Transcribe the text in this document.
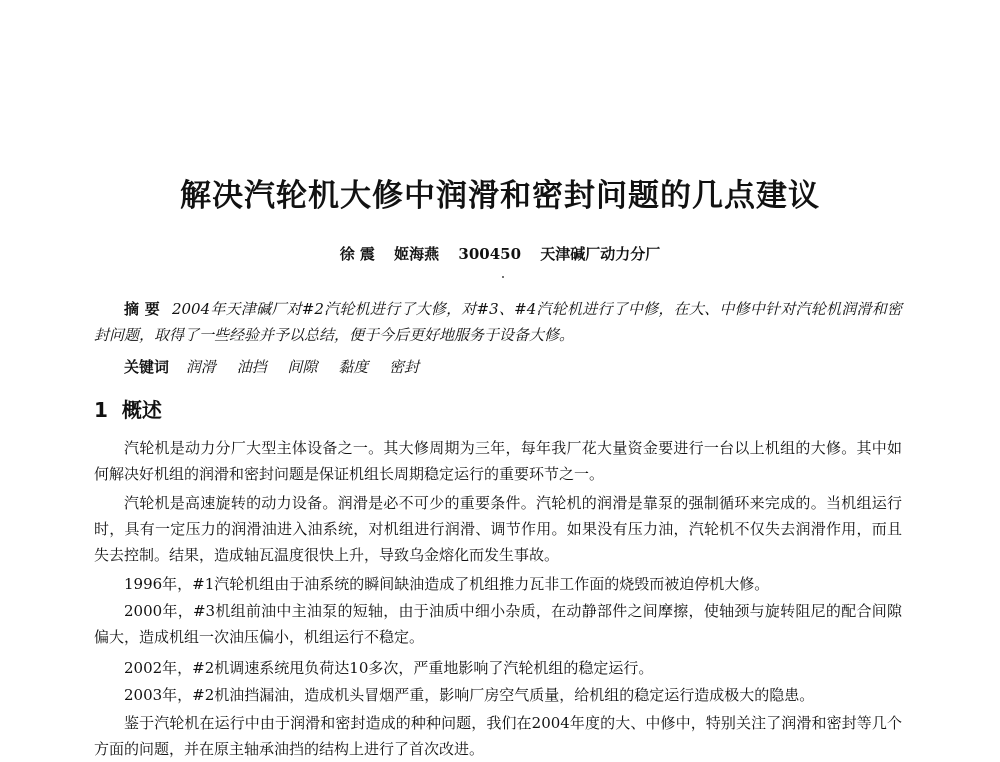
解决汽轮机大修中润滑和密封问题的几点建议
徐 震 姬海燕 300450 天津碱厂动力分厂

摘 要 2004年天津碱厂对#2汽轮机进行了大修，对#3、#4汽轮机进行了中修，在大、中修中针对汽轮机润滑和密封问题，取得了一些经验并予以总结，便于今后更好地服务于设备大修。

关键词 润滑 油挡 间隙 黏度 密封
1 概述

汽轮机是动力分厂大型主体设备之一。其大修周期为三年，每年我厂花大量资金要进行一台以上机组的大修。其中如何解决好机组的润滑和密封问题是保证机组长周期稳定运行的重要环节之一。

汽轮机是高速旋转的动力设备。润滑是必不可少的重要条件。汽轮机的润滑是靠泵的强制循环来完成的。当机组运行时，具有一定压力的润滑油进入油系统，对机组进行润滑、调节作用。如果没有压力油，汽轮机不仅失去润滑作用，而且失去控制。结果，造成轴瓦温度很快上升，导致乌金熔化而发生事故。

1996年，#1汽轮机组由于油系统的瞬间缺油造成了机组推力瓦非工作面的烧毁而被迫停机大修。

2000年，#3机组前油中主油泵的短轴，由于油质中细小杂质，在动静部件之间摩擦，使轴颈与旋转阻尼的配合间隙偏大，造成机组一次油压偏小，机组运行不稳定。

2002年，#2机调速系统甩负荷达10多次，严重地影响了汽轮机组的稳定运行。

2003年，#2机油挡漏油，造成机头冒烟严重，影响厂房空气质量，给机组的稳定运行造成极大的隐患。

鉴于汽轮机在运行中由于润滑和密封造成的种种问题，我们在2004年度的大、中修中，特别关注了润滑和密封等几个方面的问题，并在原主轴承油挡的结构上进行了首次改进。
